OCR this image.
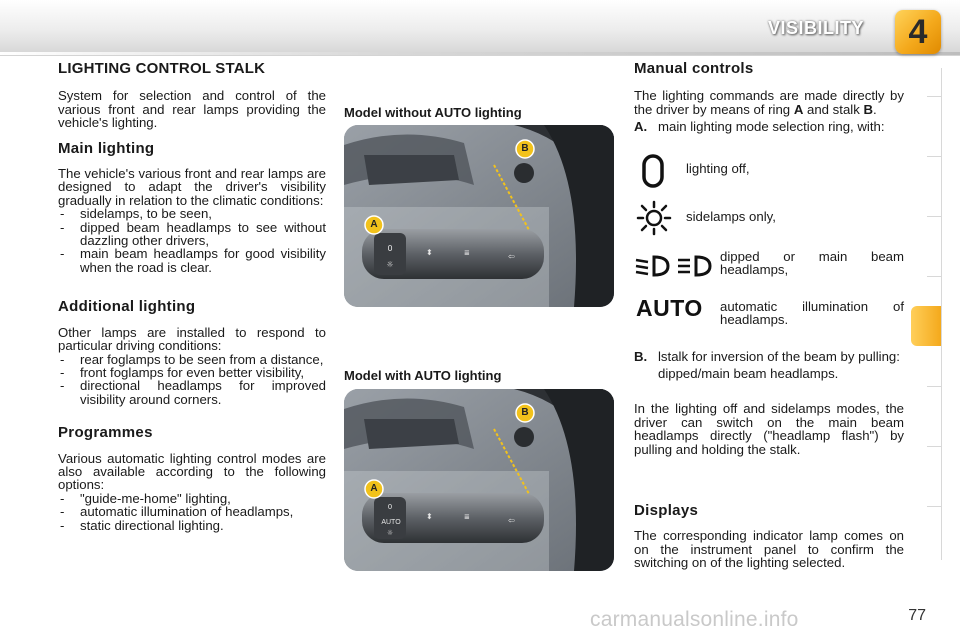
VISIBILITY	4
LIGHTING CONTROL STALK

System for selection and control of the various front and rear lamps providing the vehicle's lighting.

Main lighting

The vehicle's various front and rear lamps are designed to adapt the driver's visibility gradually in relation to the climatic conditions:

- sidelamps, to be seen,
- dipped beam headlamps to see without dazzling other drivers,
- main beam headlamps for good visibility when the road is clear.
Additional lighting

Other lamps are installed to respond to particular driving conditions:

- rear foglamps to be seen from a distance,
- front foglamps for even better visibility,
- directional headlamps for improved visibility around corners.
Programmes

Various automatic lighting control modes are also available according to the following options:

- "guide-me-home" lighting,
- automatic illumination of headlamps,
- static directional lighting.
Model without AUTO lighting
0
☼
⬍	≣	⇦
A
B
Model with AUTO lighting
0
☼
⬍	≣	⇦
AUTO
A
B
Manual controls

The lighting commands are made directly by the driver by means of ring A and stalk B.

A. main lighting mode selection ring, with:
lighting off,
sidelamps only,
dipped or main beam headlamps,
AUTO automatic illumination of headlamps.
B. lstalk for inversion of the beam by pulling:
dipped/main beam headlamps.

In the lighting off and sidelamps modes, the driver can switch on the main beam headlamps directly ("headlamp flash") by pulling and holding the stalk.

Displays

The corresponding indicator lamp comes on on the instrument panel to confirm the switching on of the lighting selected.

carmanualsonline.info	77
